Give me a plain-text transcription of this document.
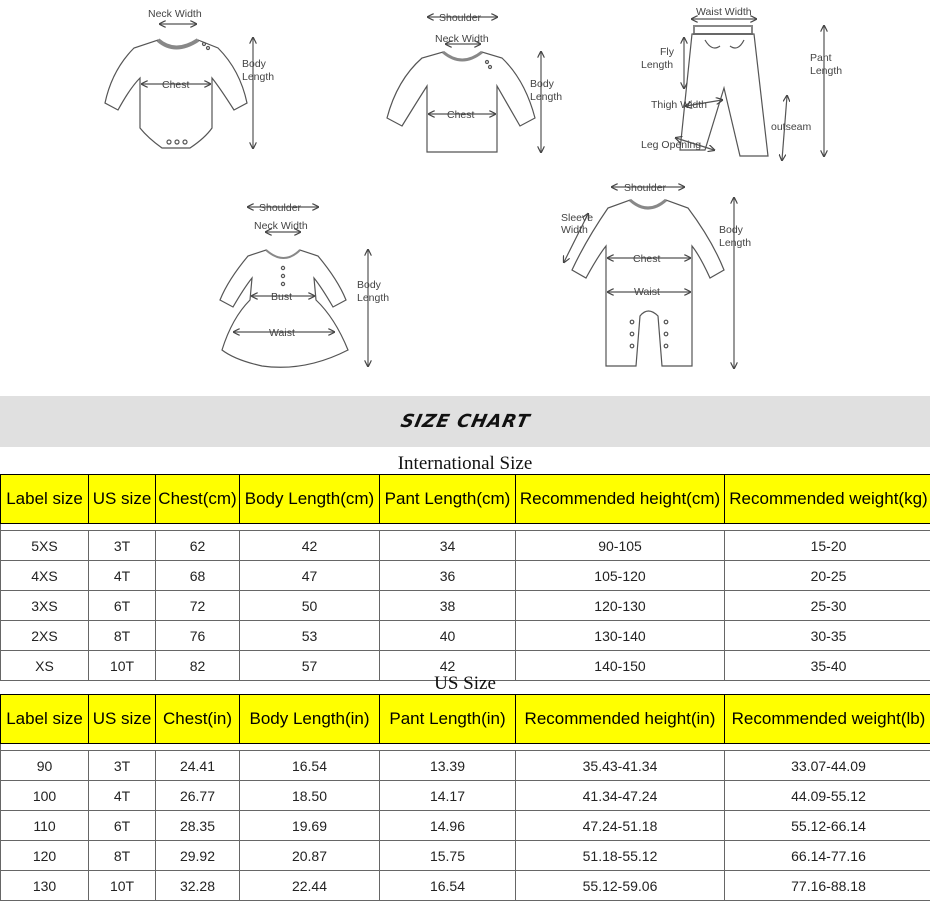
Neck Width
Chest
Body
Length
Shoulder
Neck Width
Chest
Body
Length
Waist Width
Fly
Length
Pant
Length
Thigh Width
outseam
Leg Opening
Shoulder
Neck Width
Bust
Waist
Body
Length
Shoulder
Sleeve
Width
Chest
Waist
Body
Length
SIZE CHART
International Size
Label size	US size	Chest(cm)	Body Length(cm)	Pant Length(cm)	Recommended height(cm)	Recommended weight(kg)

5XS	3T	62	42	34	90-105	15-20
4XS	4T	68	47	36	105-120	20-25
3XS	6T	72	50	38	120-130	25-30
2XS	8T	76	53	40	130-140	30-35
XS	10T	82	57	42	140-150	35-40
US Size
Label size	US size	Chest(in)	Body Length(in)	Pant Length(in)	Recommended height(in)	Recommended weight(lb)

90	3T	24.41	16.54	13.39	35.43-41.34	33.07-44.09
100	4T	26.77	18.50	14.17	41.34-47.24	44.09-55.12
110	6T	28.35	19.69	14.96	47.24-51.18	55.12-66.14
120	8T	29.92	20.87	15.75	51.18-55.12	66.14-77.16
130	10T	32.28	22.44	16.54	55.12-59.06	77.16-88.18
